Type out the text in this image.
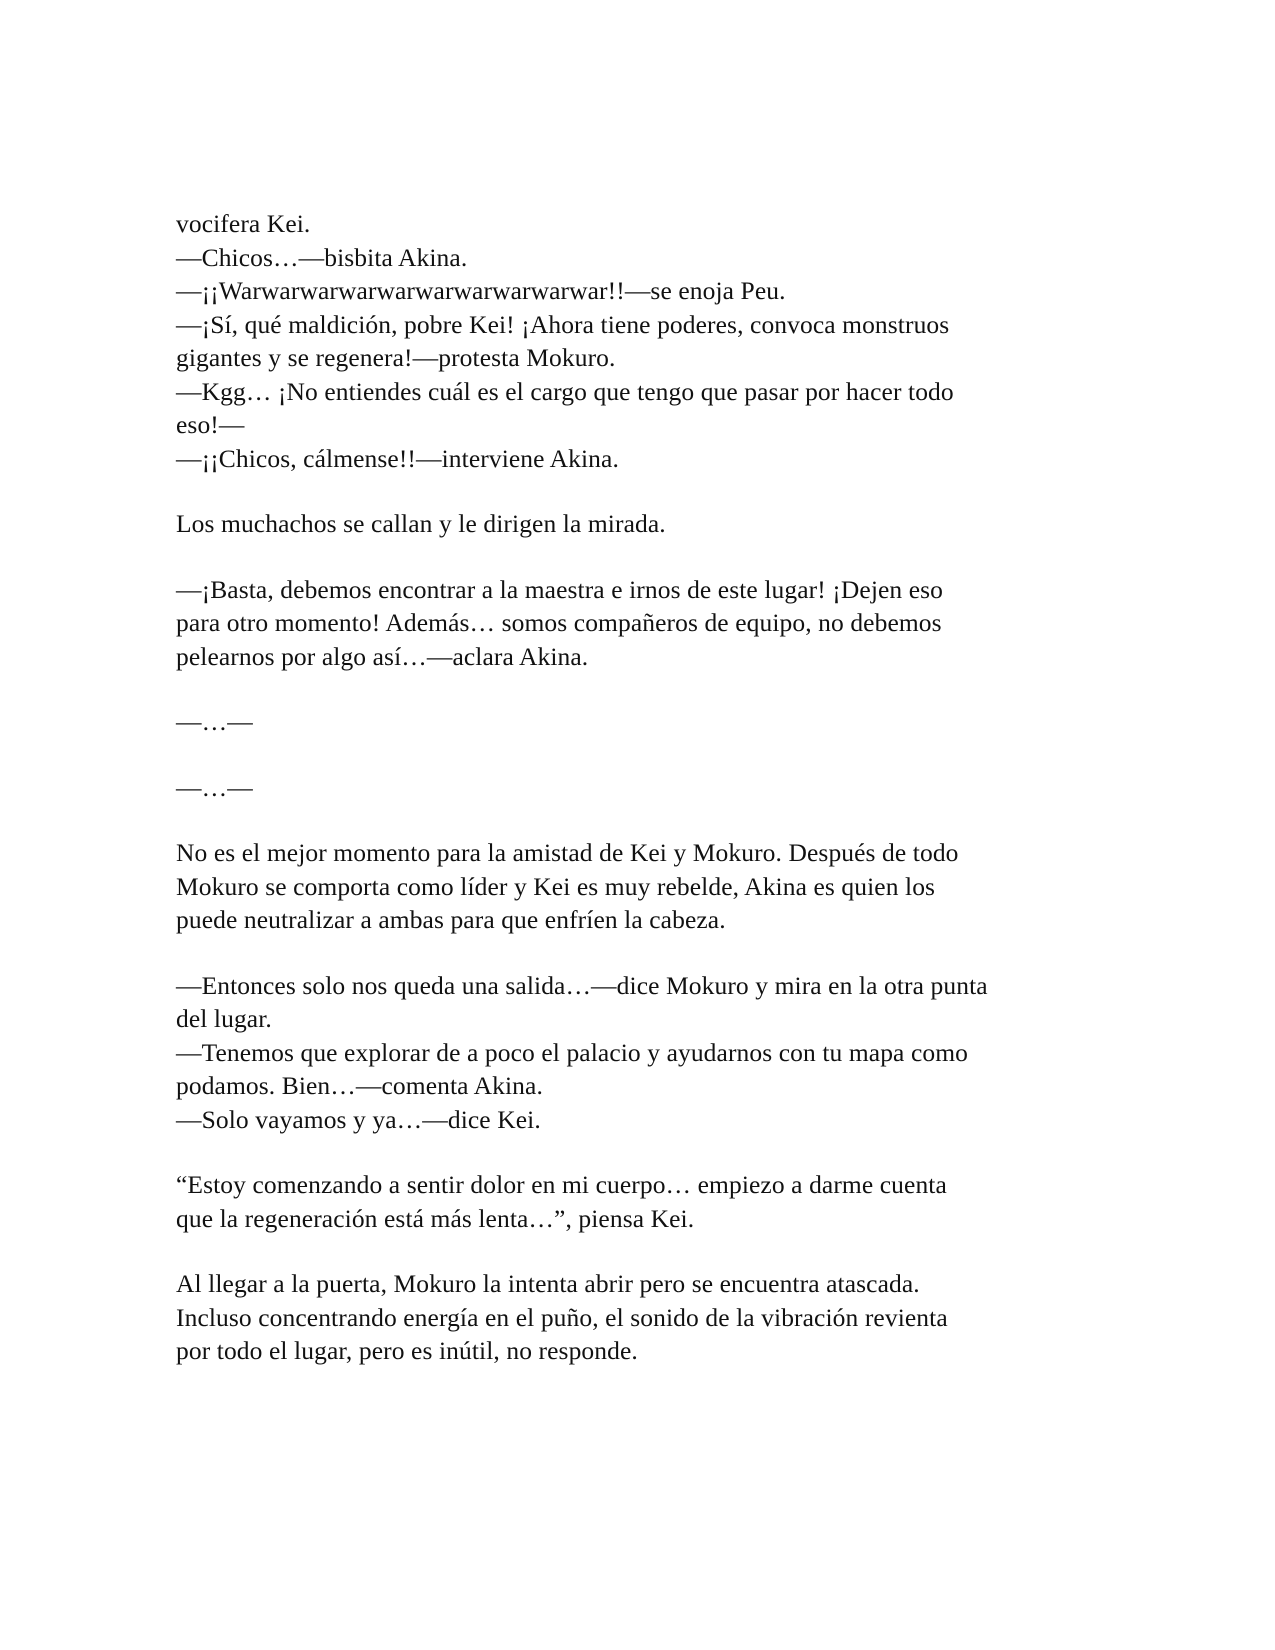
vocifera Kei.
—Chicos…—bisbita Akina.
—¡¡Warwarwarwarwarwarwarwarwarwar!!—se enoja Peu.
—¡Sí, qué maldición, pobre Kei! ¡Ahora tiene poderes, convoca monstruos
gigantes y se regenera!—protesta Mokuro.
—Kgg… ¡No entiendes cuál es el cargo que tengo que pasar por hacer todo
eso!—
—¡¡Chicos, cálmense!!—interviene Akina.
Los muchachos se callan y le dirigen la mirada.
—¡Basta, debemos encontrar a la maestra e irnos de este lugar! ¡Dejen eso
para otro momento! Además… somos compañeros de equipo, no debemos
pelearnos por algo así…—aclara Akina.
—…—
—…—
No es el mejor momento para la amistad de Kei y Mokuro. Después de todo
Mokuro se comporta como líder y Kei es muy rebelde, Akina es quien los
puede neutralizar a ambas para que enfríen la cabeza.
—Entonces solo nos queda una salida…—dice Mokuro y mira en la otra punta
del lugar.
—Tenemos que explorar de a poco el palacio y ayudarnos con tu mapa como
podamos. Bien…—comenta Akina.
—Solo vayamos y ya…—dice Kei.
“Estoy comenzando a sentir dolor en mi cuerpo… empiezo a darme cuenta
que la regeneración está más lenta…”, piensa Kei.
Al llegar a la puerta, Mokuro la intenta abrir pero se encuentra atascada.
Incluso concentrando energía en el puño, el sonido de la vibración revienta
por todo el lugar, pero es inútil, no responde.
